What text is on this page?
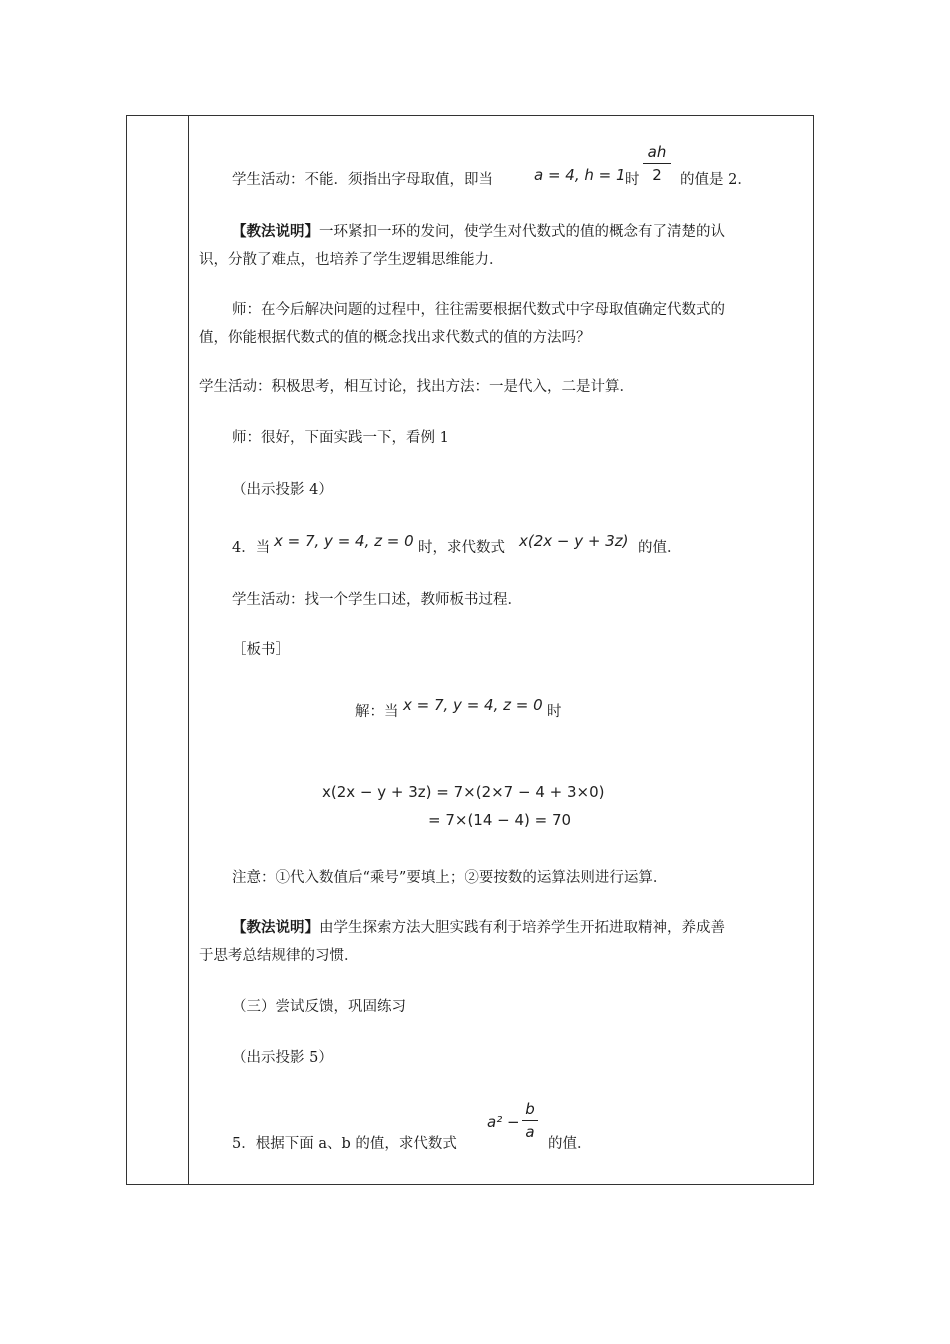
学生活动：不能．须指出字母取值，即当	a = 4, h = 1 时
ah
2	的值是 2．
【教法说明】一环紧扣一环的发问，使学生对代数式的值的概念有了清楚的认
识，分散了难点，也培养了学生逻辑思维能力．
师：在今后解决问题的过程中，往往需要根据代数式中字母取值确定代数式的
值，你能根据代数式的值的概念找出求代数式的值的方法吗？
学生活动：积极思考，相互讨论，找出方法：一是代入，二是计算．
师：很好，下面实践一下，看例 1
（出示投影 4）
4．当 x = 7, y = 4, z = 0 时，求代数式 x(2x − y + 3z) 的值．
学生活动：找一个学生口述，教师板书过程．
［板书］
解：当 x = 7, y = 4, z = 0 时
x(2x − y + 3z) = 7×(2×7 − 4 + 3×0)
= 7×(14 − 4) = 70
注意：①代入数值后“乘号”要填上；②要按数的运算法则进行运算．
【教法说明】由学生探索方法大胆实践有利于培养学生开拓进取精神，养成善
于思考总结规律的习惯．
（三）尝试反馈，巩固练习
（出示投影 5）
5．根据下面 a、b 的值，求代数式
a² −
b
a
的值．
